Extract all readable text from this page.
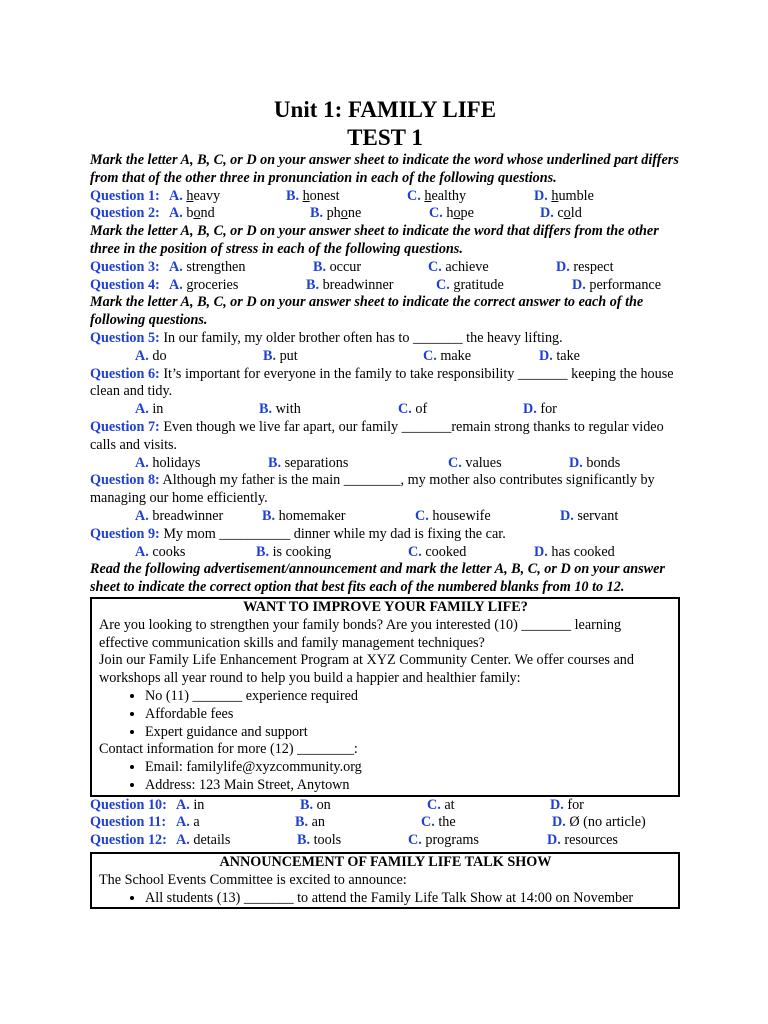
Unit 1: FAMILY LIFE
TEST 1

Mark the letter A, B, C, or D on your answer sheet to indicate the word whose underlined part differs from that of the other three in pronunciation in each of the following questions.

Question 1: A. heavy	B. honest	C. healthy	D. humble
Question 2: A. bond	B. phone	C. hope	D. cold

Mark the letter A, B, C, or D on your answer sheet to indicate the word that differs from the other three in the position of stress in each of the following questions.

Question 3: A. strengthen	B. occur	C. achieve	D. respect
Question 4: A. groceries	B. breadwinner	C. gratitude	D. performance

Mark the letter A, B, C, or D on your answer sheet to indicate the correct answer to each of the following questions.

Question 5: In our family, my older brother often has to _______ the heavy lifting.

A. do	B. put	C. make	D. take

Question 6: It’s important for everyone in the family to take responsibility _______ keeping the house clean and tidy.

A. in	B. with	C. of	D. for

Question 7: Even though we live far apart, our family _______remain strong thanks to regular video calls and visits.

A. holidays	B. separations	C. values	D. bonds

Question 8: Although my father is the main ________, my mother also contributes significantly by managing our home efficiently.

A. breadwinner	B. homemaker	C. housewife	D. servant

Question 9: My mom __________ dinner while my dad is fixing the car.

A. cooks	B. is cooking	C. cooked	D. has cooked

Read the following advertisement/announcement and mark the letter A, B, C, or D on your answer sheet to indicate the correct option that best fits each of the numbered blanks from 10 to 12.

WANT TO IMPROVE YOUR FAMILY LIFE?

Are you looking to strengthen your family bonds? Are you interested (10) _______ learning effective communication skills and family management techniques?

Join our Family Life Enhancement Program at XYZ Community Center. We offer courses and workshops all year round to help you build a happier and healthier family:

• No (11) _______ experience required
• Affordable fees
• Expert guidance and support

Contact information for more (12) ________:

• Email: familylife@xyzcommunity.org
• Address: 123 Main Street, Anytown
Question 10: A. in	B. on	C. at	D. for
Question 11: A. a	B. an	C. the	D. Ø (no article)
Question 12: A. details	B. tools	C. programs	D. resources
ANNOUNCEMENT OF FAMILY LIFE TALK SHOW

The School Events Committee is excited to announce:

• All students (13) _______ to attend the Family Life Talk Show at 14:00 on November
